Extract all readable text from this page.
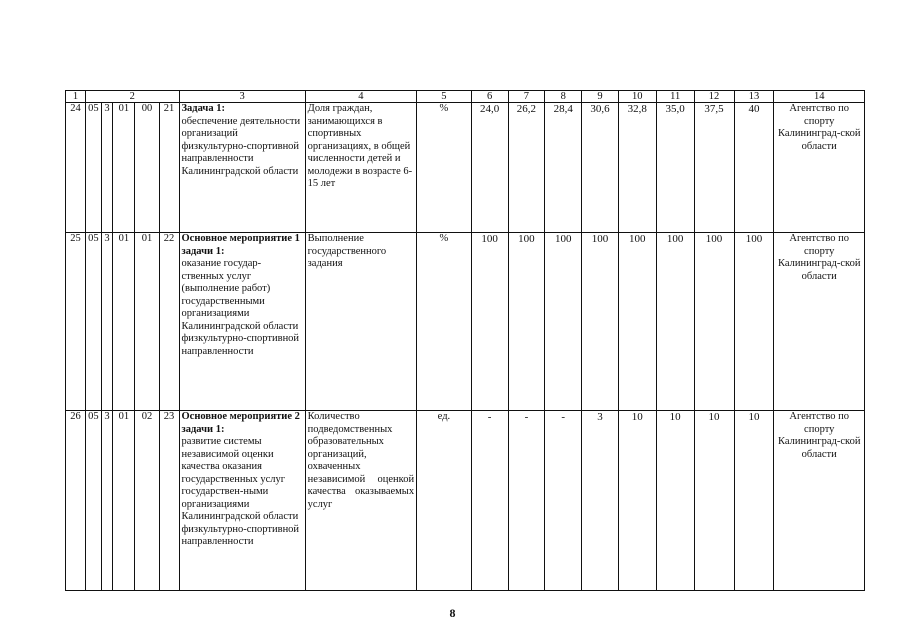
1	2					3	4	5	6	7	8	9	10	11	12	13	14
24	05	3	01	00	21	Задача 1:
обеспечение деятельности организаций физкультурно-спортивной направленности Калининградской области	Доля граждан, занимающихся в спортивных организациях, в общей численности детей и молодежи в возрасте 6-15 лет	%	24,0	26,2	28,4	30,6	32,8	35,0	37,5	40	Агентство по спорту Калининград-ской области
25	05	3	01	01	22	Основное мероприятие 1 задачи 1:
оказание государ-ственных услуг (выполнение работ) государственными организациями Калининградской области физкультурно-спортивной направленности	Выполнение государственного задания	%	100	100	100	100	100	100	100	100	Агентство по спорту Калининград-ской области
26	05	3	01	02	23	Основное мероприятие 2 задачи 1:
развитие системы независимой оценки качества оказания государственных услуг государствен-ными организациями Калининградской области физкультурно-спортивной направленности	Количество подведомственных образовательных организаций, охваченных независимой оценкой качества оказываемых услуг	ед.	-	-	-	3	10	10	10	10	Агентство по спорту Калининград-ской области
8
